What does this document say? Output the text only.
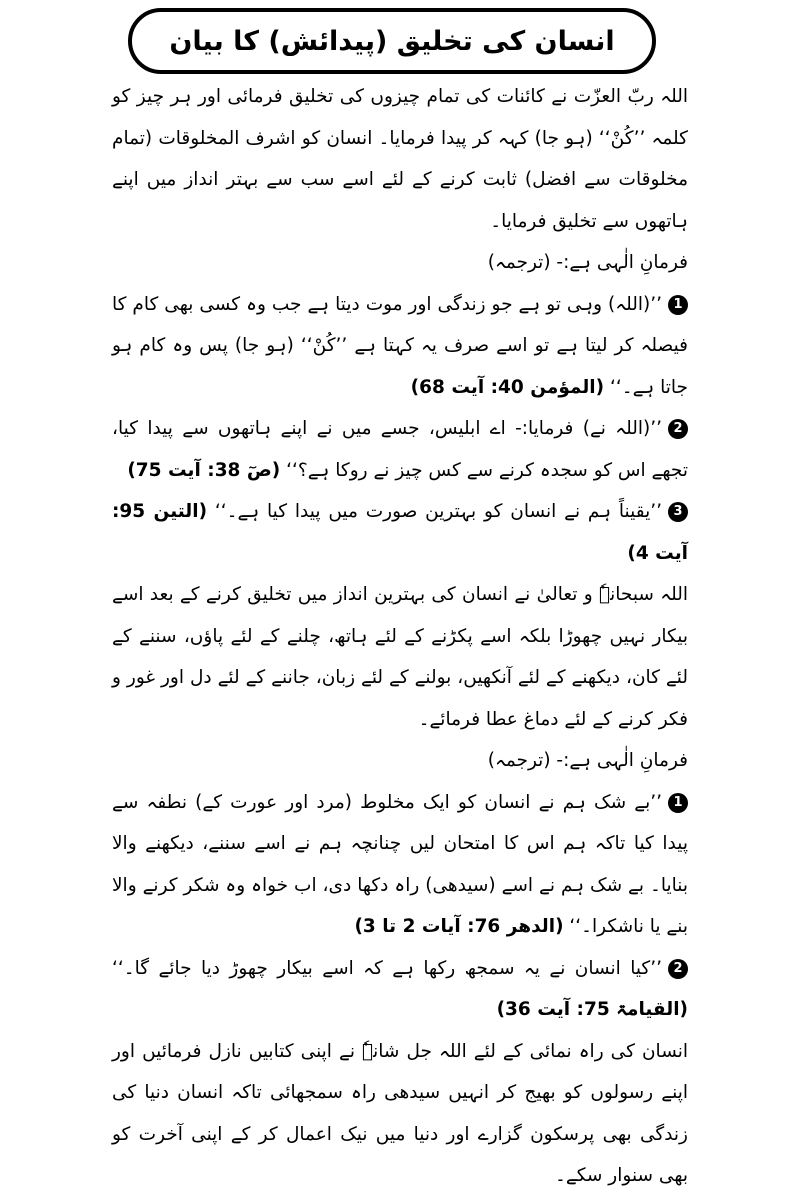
انسان کی تخلیق (پیدائش) کا بیان

اللہ ربّ العزّت نے کائنات کی تمام چیزوں کی تخلیق فرمائی اور ہر چیز کو کلمہ ’’کُنْ‘‘ (ہو جا) کہہ کر پیدا فرمایا۔ انسان کو اشرف المخلوقات (تمام مخلوقات سے افضل) ثابت کرنے کے لئے اسے سب سے بہتر انداز میں اپنے ہاتھوں سے تخلیق فرمایا۔

فرمانِ الٰہی ہے:- (ترجمہ)

1’’(اللہ) وہی تو ہے جو زندگی اور موت دیتا ہے جب وہ کسی بھی کام کا فیصلہ کر لیتا ہے تو اسے صرف یہ کہتا ہے ’’کُنْ‘‘ (ہو جا) پس وہ کام ہو جاتا ہے۔‘‘ (المؤمن 40: آیت 68)

2’’(اللہ نے) فرمایا:- اے ابلیس، جسے میں نے اپنے ہاتھوں سے پیدا کیا، تجھے اس کو سجدہ کرنے سے کس چیز نے روکا ہے؟‘‘ (صٓ 38: آیت 75)

3’’یقیناً ہم نے انسان کو بہترین صورت میں پیدا کیا ہے۔‘‘ (التین 95: آیت 4)

اللہ سبحانہٗ و تعالیٰ نے انسان کی بہترین انداز میں تخلیق کرنے کے بعد اسے بیکار نہیں چھوڑا بلکہ اسے پکڑنے کے لئے ہاتھ، چلنے کے لئے پاؤں، سننے کے لئے کان، دیکھنے کے لئے آنکھیں، بولنے کے لئے زبان، جاننے کے لئے دل اور غور و فکر کرنے کے لئے دماغ عطا فرمائے۔

فرمانِ الٰہی ہے:- (ترجمہ)

1’’بے شک ہم نے انسان کو ایک مخلوط (مرد اور عورت کے) نطفہ سے پیدا کیا تاکہ ہم اس کا امتحان لیں چنانچہ ہم نے اسے سننے، دیکھنے والا بنایا۔ بے شک ہم نے اسے (سیدھی) راہ دکھا دی، اب خواہ وہ شکر کرنے والا بنے یا ناشکرا۔‘‘ (الدھر 76: آیات 2 تا 3)

2’’کیا انسان نے یہ سمجھ رکھا ہے کہ اسے بیکار چھوڑ دیا جائے گا۔‘‘ (القیامۃ 75: آیت 36)

انسان کی راہ نمائی کے لئے اللہ جل شانہٗ نے اپنی کتابیں نازل فرمائیں اور اپنے رسولوں کو بھیج کر انہیں سیدھی راہ سمجھائی تاکہ انسان دنیا کی زندگی بھی پرسکون گزارے اور دنیا میں نیک اعمال کر کے اپنی آخرت کو بھی سنوار سکے۔
